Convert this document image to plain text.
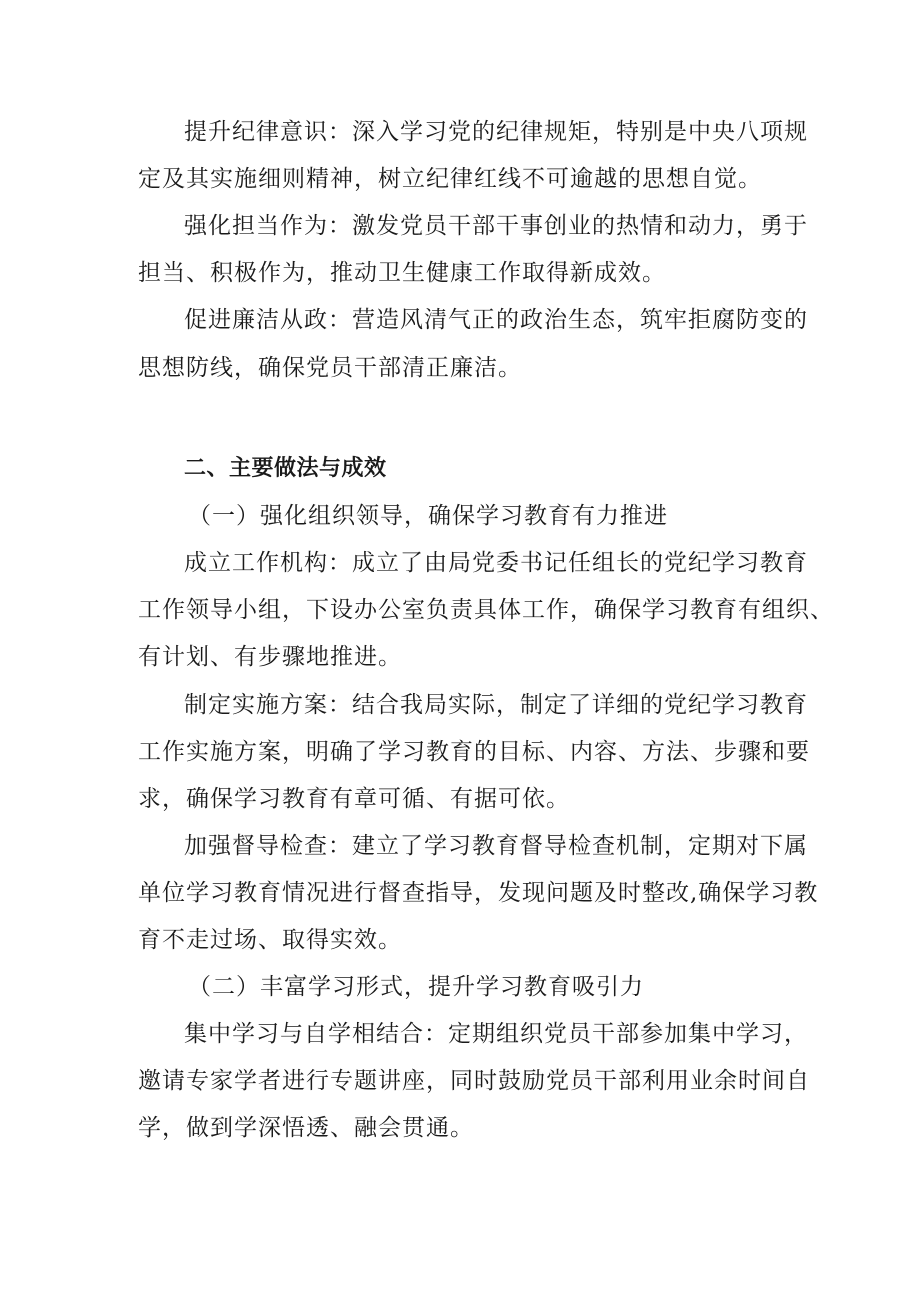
提升纪律意识：深入学习党的纪律规矩，特别是中央八项规
定及其实施细则精神，树立纪律红线不可逾越的思想自觉。
强化担当作为：激发党员干部干事创业的热情和动力，勇于
担当、积极作为，推动卫生健康工作取得新成效。
促进廉洁从政：营造风清气正的政治生态，筑牢拒腐防变的
思想防线，确保党员干部清正廉洁。
二、主要做法与成效
（一）强化组织领导，确保学习教育有力推进
成立工作机构：成立了由局党委书记任组长的党纪学习教育
工作领导小组，下设办公室负责具体工作，确保学习教育有组织、
有计划、有步骤地推进。
制定实施方案：结合我局实际，制定了详细的党纪学习教育
工作实施方案，明确了学习教育的目标、内容、方法、步骤和要
求，确保学习教育有章可循、有据可依。
加强督导检查：建立了学习教育督导检查机制，定期对下属
单位学习教育情况进行督查指导，发现问题及时整改,确保学习教
育不走过场、取得实效。
（二）丰富学习形式，提升学习教育吸引力
集中学习与自学相结合：定期组织党员干部参加集中学习，
邀请专家学者进行专题讲座，同时鼓励党员干部利用业余时间自
学，做到学深悟透、融会贯通。
